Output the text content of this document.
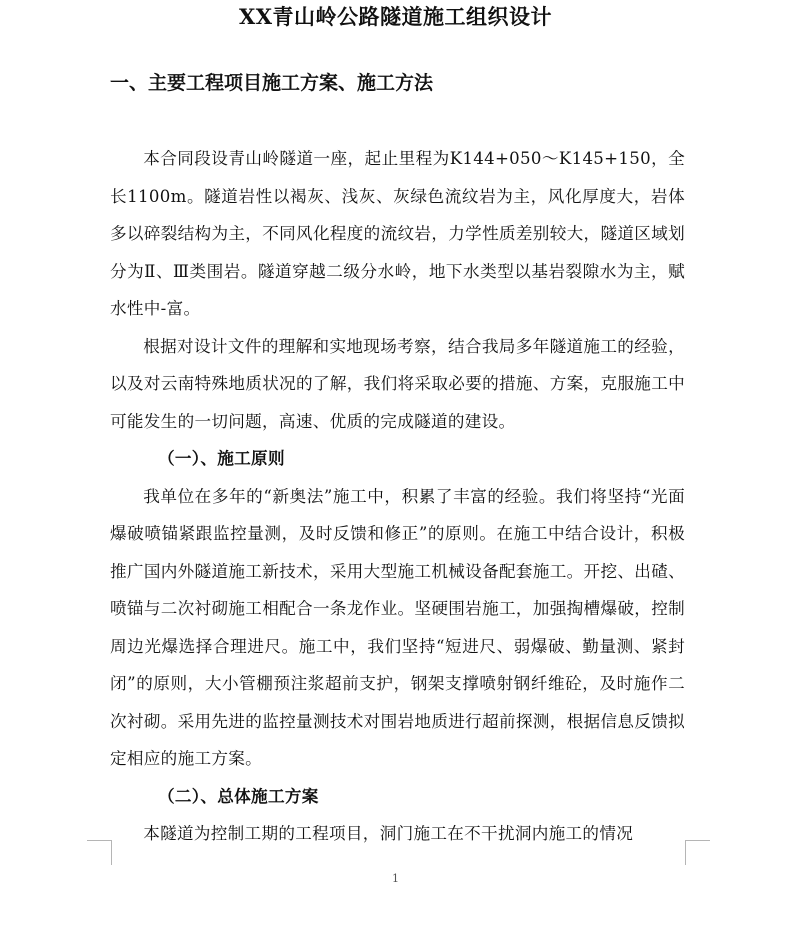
XX青山岭公路隧道施工组织设计
一、主要工程项目施工方案、施工方法

本合同段设青山岭隧道一座，起止里程为K144+050～K145+150，全长1100m。隧道岩性以褐灰、浅灰、灰绿色流纹岩为主，风化厚度大，岩体多以碎裂结构为主，不同风化程度的流纹岩，力学性质差别较大，隧道区域划分为Ⅱ、Ⅲ类围岩。隧道穿越二级分水岭，地下水类型以基岩裂隙水为主，赋水性中-富。

根据对设计文件的理解和实地现场考察，结合我局多年隧道施工的经验，以及对云南特殊地质状况的了解，我们将采取必要的措施、方案，克服施工中可能发生的一切问题，高速、优质的完成隧道的建设。

（一）、施工原则

我单位在多年的“新奥法”施工中，积累了丰富的经验。我们将坚持“光面爆破喷锚紧跟监控量测，及时反馈和修正”的原则。在施工中结合设计，积极推广国内外隧道施工新技术，采用大型施工机械设备配套施工。开挖、出碴、喷锚与二次衬砌施工相配合一条龙作业。坚硬围岩施工，加强掏槽爆破，控制周边光爆选择合理进尺。施工中，我们坚持“短进尺、弱爆破、勤量测、紧封闭”的原则，大小管棚预注浆超前支护，钢架支撑喷射钢纤维砼，及时施作二次衬砌。采用先进的监控量测技术对围岩地质进行超前探测，根据信息反馈拟定相应的施工方案。

（二）、总体施工方案

本隧道为控制工期的工程项目，洞门施工在不干扰洞内施工的情况

1
